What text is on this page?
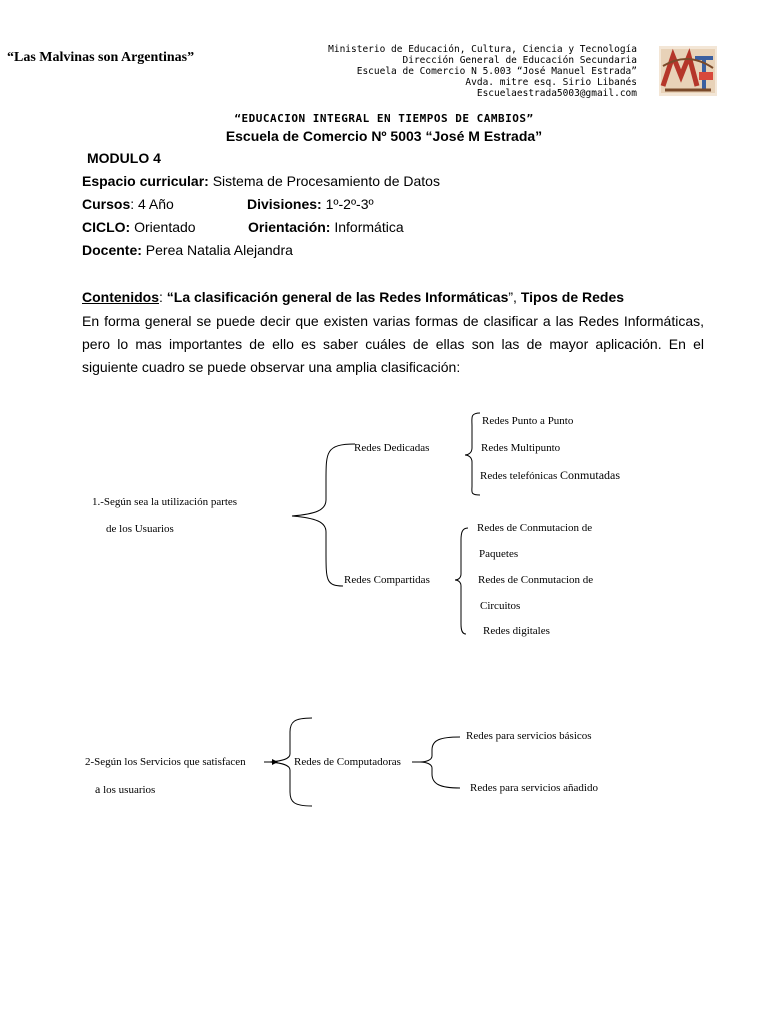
“Las Malvinas son Argentinas”
Ministerio de Educación, Cultura, Ciencia y Tecnología
Dirección General de Educación Secundaria
Escuela de Comercio N 5.003 “José Manuel Estrada”
Avda. mitre esq. Sirio Libanés
Escuelaestrada5003@gmail.com
“EDUCACION INTEGRAL EN TIEMPOS DE CAMBIOS”
Escuela de Comercio Nº 5003 “José M Estrada”
MODULO 4
Espacio curricular: Sistema de Procesamiento de Datos
Cursos: 4 Año	Divisiones: 1º-2º-3º
CICLO: Orientado	Orientación: Informática
Docente: Perea Natalia Alejandra
Contenidos: “La clasificación general de las Redes Informáticas”, Tipos de Redes
En forma general se puede decir que existen varias formas de clasificar a las Redes Informáticas, pero lo mas importantes de ello es saber cuáles de ellas son las de mayor aplicación. En el siguiente cuadro se puede observar una amplia clasificación:
1.-Según sea la utilización partes
de los Usuarios
Redes Dedicadas
Redes Punto a Punto
Redes Multipunto
Redes telefónicas Conmutadas
Redes Compartidas
Redes de Conmutacion de
Paquetes
Redes de Conmutacion de
Circuitos
Redes digitales
2-Según los Servicios que satisfacen
a los usuarios
Redes de Computadoras
Redes para servicios básicos
Redes para servicios añadido
